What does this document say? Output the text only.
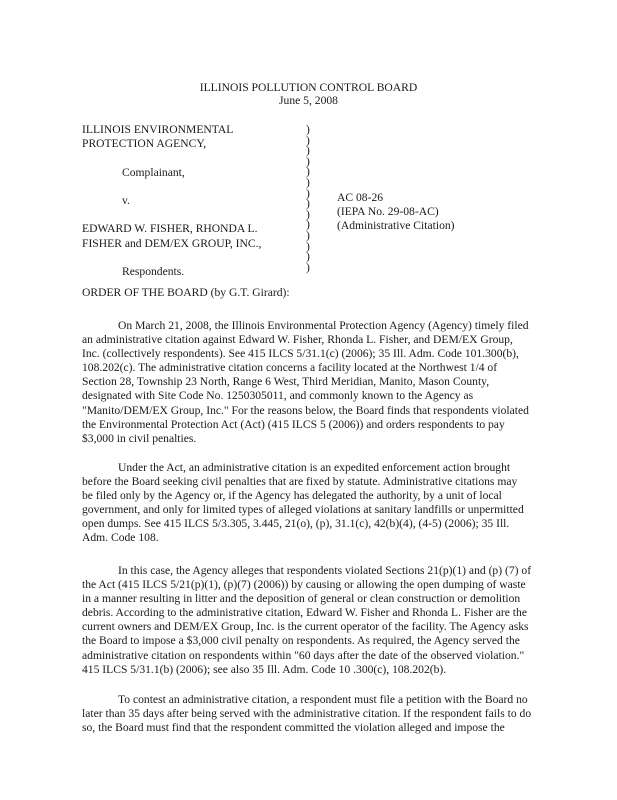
ILLINOIS POLLUTION CONTROL BOARD
June 5, 2008
ILLINOIS ENVIRONMENTAL
PROTECTION AGENCY,
Complainant,
v.
EDWARD W. FISHER, RHONDA L.
FISHER and DEM/EX GROUP, INC.,
Respondents.
)
)
)
)
)
)
)
)
)
)
)
)
)
)
AC 08-26
(IEPA No. 29-08-AC)
(Administrative Citation)
ORDER OF THE BOARD (by G.T. Girard):
On March 21, 2008, the Illinois Environmental Protection Agency (Agency) timely filed
an administrative citation against Edward W. Fisher, Rhonda L. Fisher, and DEM/EX Group,
Inc. (collectively respondents). See 415 ILCS 5/31.1(c) (2006); 35 Ill. Adm. Code 101.300(b),
108.202(c). The administrative citation concerns a facility located at the Northwest 1/4 of
Section 28, Township 23 North, Range 6 West, Third Meridian, Manito, Mason County,
designated with Site Code No. 1250305011, and commonly known to the Agency as
"Manito/DEM/EX Group, Inc." For the reasons below, the Board finds that respondents violated
the Environmental Protection Act (Act) (415 ILCS 5 (2006)) and orders respondents to pay
$3,000 in civil penalties.
Under the Act, an administrative citation is an expedited enforcement action brought
before the Board seeking civil penalties that are fixed by statute. Administrative citations may
be filed only by the Agency or, if the Agency has delegated the authority, by a unit of local
government, and only for limited types of alleged violations at sanitary landfills or unpermitted
open dumps. See 415 ILCS 5/3.305, 3.445, 21(o), (p), 31.1(c), 42(b)(4), (4-5) (2006); 35 Ill.
Adm. Code 108.
In this case, the Agency alleges that respondents violated Sections 21(p)(1) and (p) (7) of
the Act (415 ILCS 5/21(p)(1), (p)(7) (2006)) by causing or allowing the open dumping of waste
in a manner resulting in litter and the deposition of general or clean construction or demolition
debris. According to the administrative citation, Edward W. Fisher and Rhonda L. Fisher are the
current owners and DEM/EX Group, Inc. is the current operator of the facility. The Agency asks
the Board to impose a $3,000 civil penalty on respondents. As required, the Agency served the
administrative citation on respondents within "60 days after the date of the observed violation."
415 ILCS 5/31.1(b) (2006); see also 35 Ill. Adm. Code 10 .300(c), 108.202(b).
To contest an administrative citation, a respondent must file a petition with the Board no
later than 35 days after being served with the administrative citation. If the respondent fails to do
so, the Board must find that the respondent committed the violation alleged and impose the
